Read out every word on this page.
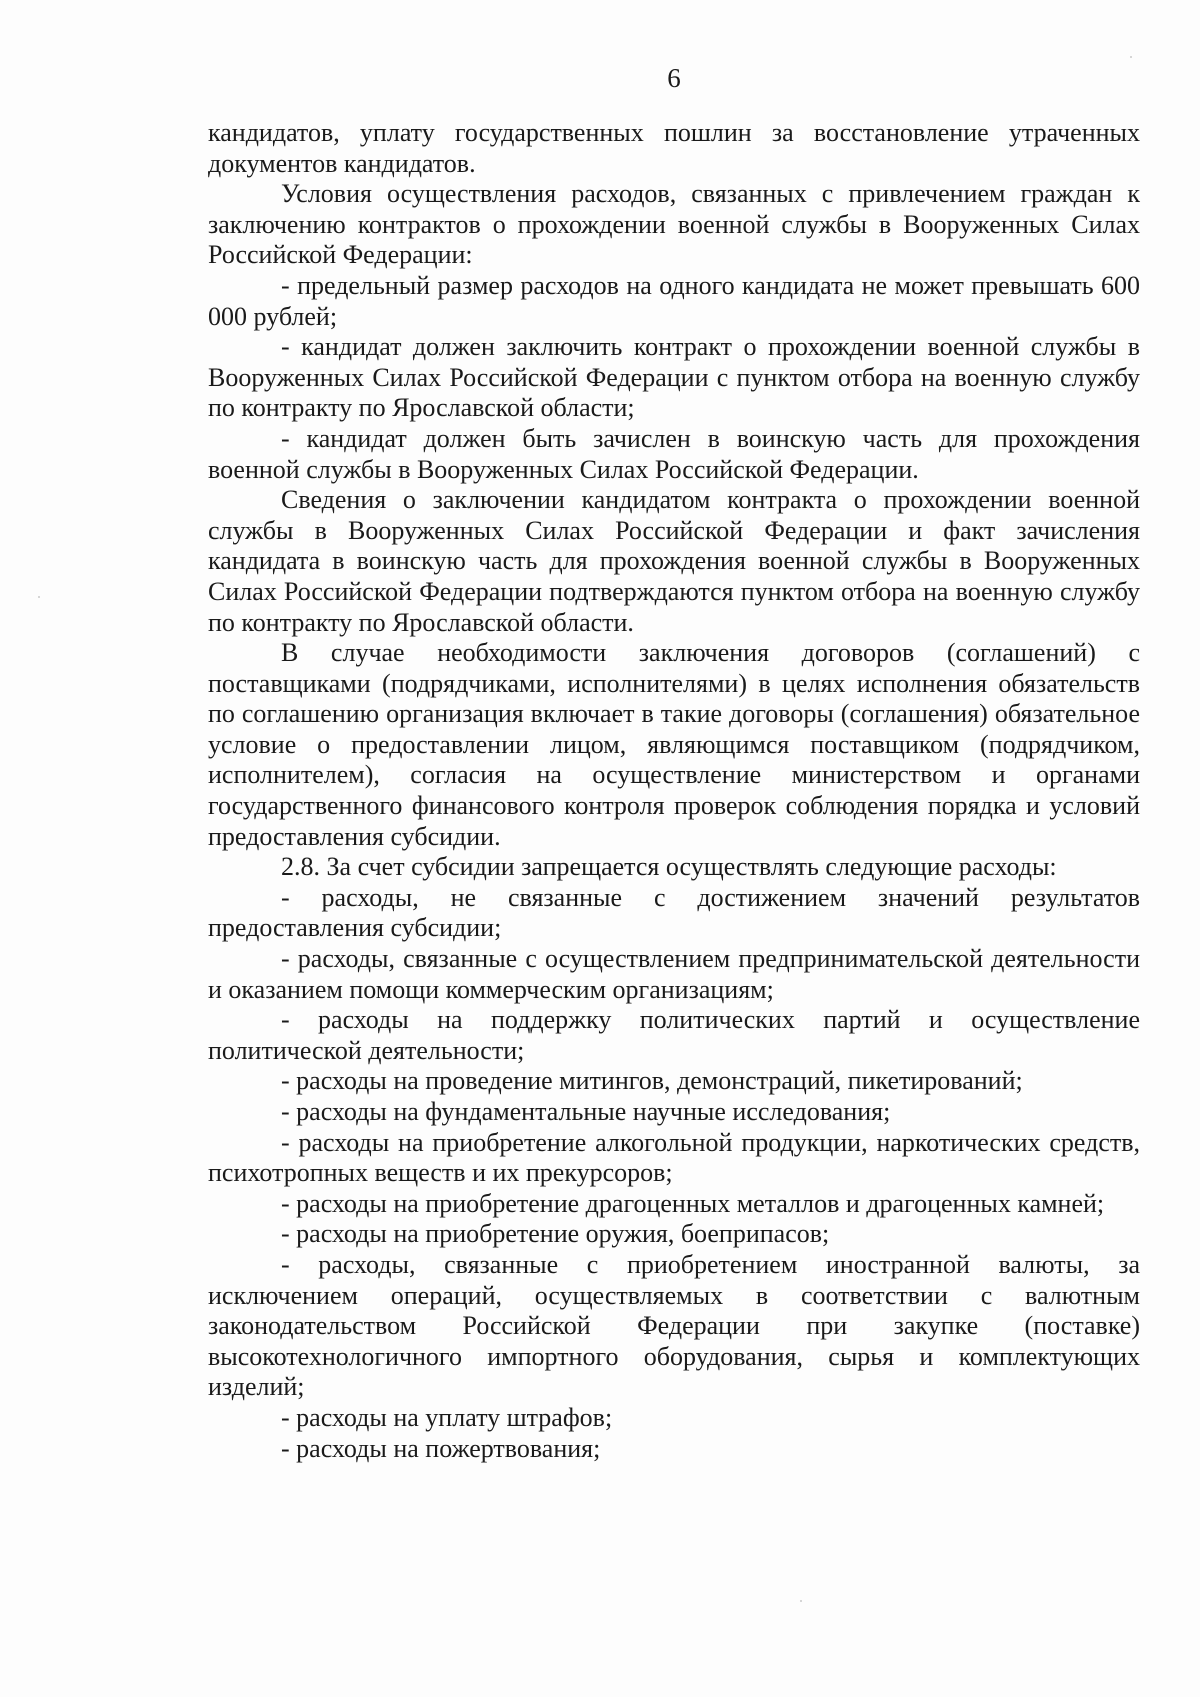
6

кандидатов, уплату государственных пошлин за восстановление утраченных документов кандидатов.

Условия осуществления расходов, связанных с привлечением граждан к заключению контрактов о прохождении военной службы в Вооруженных Силах Российской Федерации:

- предельный размер расходов на одного кандидата не может превышать 600 000 рублей;

- кандидат должен заключить контракт о прохождении военной службы в Вооруженных Силах Российской Федерации с пунктом отбора на военную службу по контракту по Ярославской области;

- кандидат должен быть зачислен в воинскую часть для прохождения военной службы в Вооруженных Силах Российской Федерации.

Сведения о заключении кандидатом контракта о прохождении военной службы в Вооруженных Силах Российской Федерации и факт зачисления кандидата в воинскую часть для прохождения военной службы в Вооруженных Силах Российской Федерации подтверждаются пунктом отбора на военную службу по контракту по Ярославской области.

В случае необходимости заключения договоров (соглашений) с поставщиками (подрядчиками, исполнителями) в целях исполнения обязательств по соглашению организация включает в такие договоры (соглашения) обязательное условие о предоставлении лицом, являющимся поставщиком (подрядчиком, исполнителем), согласия на осуществление министерством и органами государственного финансового контроля проверок соблюдения порядка и условий предоставления субсидии.

2.8. За счет субсидии запрещается осуществлять следующие расходы:

- расходы, не связанные с достижением значений результатов предоставления субсидии;

- расходы, связанные с осуществлением предпринимательской деятельности и оказанием помощи коммерческим организациям;

- расходы на поддержку политических партий и осуществление политической деятельности;

- расходы на проведение митингов, демонстраций, пикетирований;

- расходы на фундаментальные научные исследования;

- расходы на приобретение алкогольной продукции, наркотических средств, психотропных веществ и их прекурсоров;

- расходы на приобретение драгоценных металлов и драгоценных камней;

- расходы на приобретение оружия, боеприпасов;

- расходы, связанные с приобретением иностранной валюты, за исключением операций, осуществляемых в соответствии с валютным законодательством Российской Федерации при закупке (поставке) высокотехнологичного импортного оборудования, сырья и комплектующих изделий;

- расходы на уплату штрафов;

- расходы на пожертвования;
